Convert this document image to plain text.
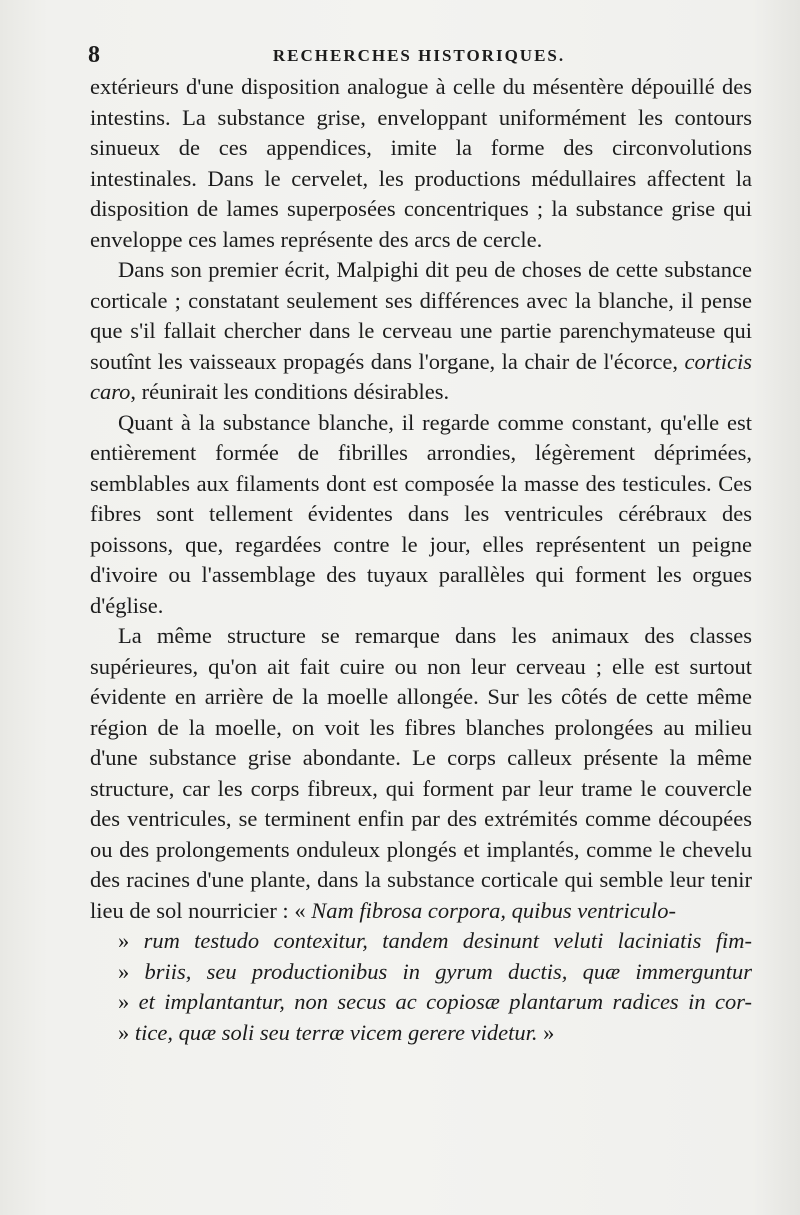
8	RECHERCHES HISTORIQUES.

extérieurs d'une disposition analogue à celle du mésentère dépouillé des intestins. La substance grise, enveloppant uniformément les contours sinueux de ces appendices, imite la forme des circonvolutions intestinales. Dans le cervelet, les productions médullaires affectent la disposition de lames superposées concentriques ; la substance grise qui enveloppe ces lames représente des arcs de cercle.

Dans son premier écrit, Malpighi dit peu de choses de cette substance corticale ; constatant seulement ses différences avec la blanche, il pense que s'il fallait chercher dans le cerveau une partie parenchymateuse qui soutînt les vaisseaux propagés dans l'organe, la chair de l'écorce, corticis caro, réunirait les conditions désirables.

Quant à la substance blanche, il regarde comme constant, qu'elle est entièrement formée de fibrilles arrondies, légèrement déprimées, semblables aux filaments dont est composée la masse des testicules. Ces fibres sont tellement évidentes dans les ventricules cérébraux des poissons, que, regardées contre le jour, elles représentent un peigne d'ivoire ou l'assemblage des tuyaux parallèles qui forment les orgues d'église.

La même structure se remarque dans les animaux des classes supérieures, qu'on ait fait cuire ou non leur cerveau ; elle est surtout évidente en arrière de la moelle allongée. Sur les côtés de cette même région de la moelle, on voit les fibres blanches prolongées au milieu d'une substance grise abondante. Le corps calleux présente la même structure, car les corps fibreux, qui forment par leur trame le couvercle des ventricules, se terminent enfin par des extrémités comme découpées ou des prolongements onduleux plongés et implantés, comme le chevelu des racines d'une plante, dans la substance corticale qui semble leur tenir lieu de sol nourricier : « Nam fibrosa corpora, quibus ventriculo-
» rum testudo contexitur, tandem desinunt veluti laciniatis fim-
» briis, seu productionibus in gyrum ductis, quæ immerguntur
» et implantantur, non secus ac copiosæ plantarum radices in cor-
» tice, quæ soli seu terræ vicem gerere videtur. »
